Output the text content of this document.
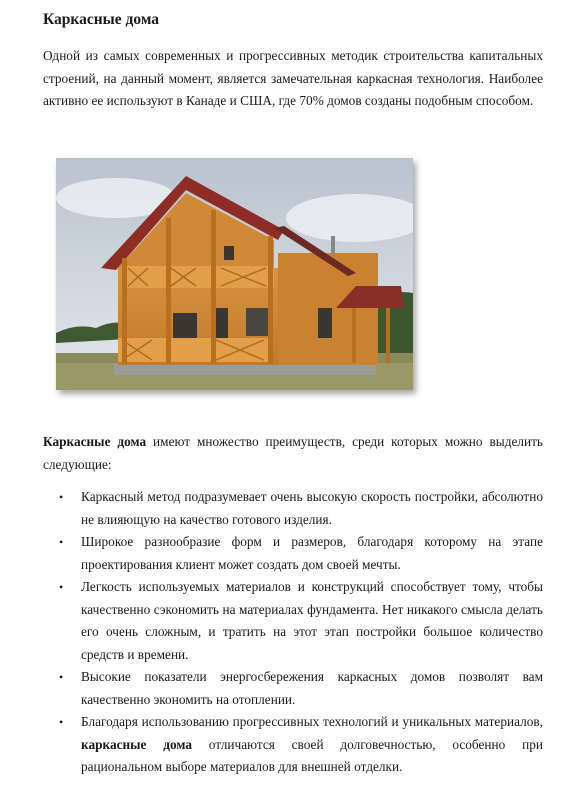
Каркасные дома

Одной из самых современных и прогрессивных методик строительства капитальных строений, на данный момент, является замечательная каркасная технология. Наиболее активно ее используют в Канаде и США, где 70% домов созданы подобным способом.

Каркасные дома имеют множество преимуществ, среди которых можно выделить следующие:

• Каркасный метод подразумевает очень высокую скорость постройки, абсолютно не влияющую на качество готового изделия.
• Широкое разнообразие форм и размеров, благодаря которому на этапе проектирования клиент может создать дом своей мечты.
• Легкость используемых материалов и конструкций способствует тому, чтобы качественно сэкономить на материалах фундамента. Нет никакого смысла делать его очень сложным, и тратить на этот этап постройки большое количество средств и времени.
• Высокие показатели энергосбережения каркасных домов позволят вам качественно экономить на отоплении.
• Благодаря использованию прогрессивных технологий и уникальных материалов, каркасные дома отличаются своей долговечностью, особенно при рациональном выборе материалов для внешней отделки.
